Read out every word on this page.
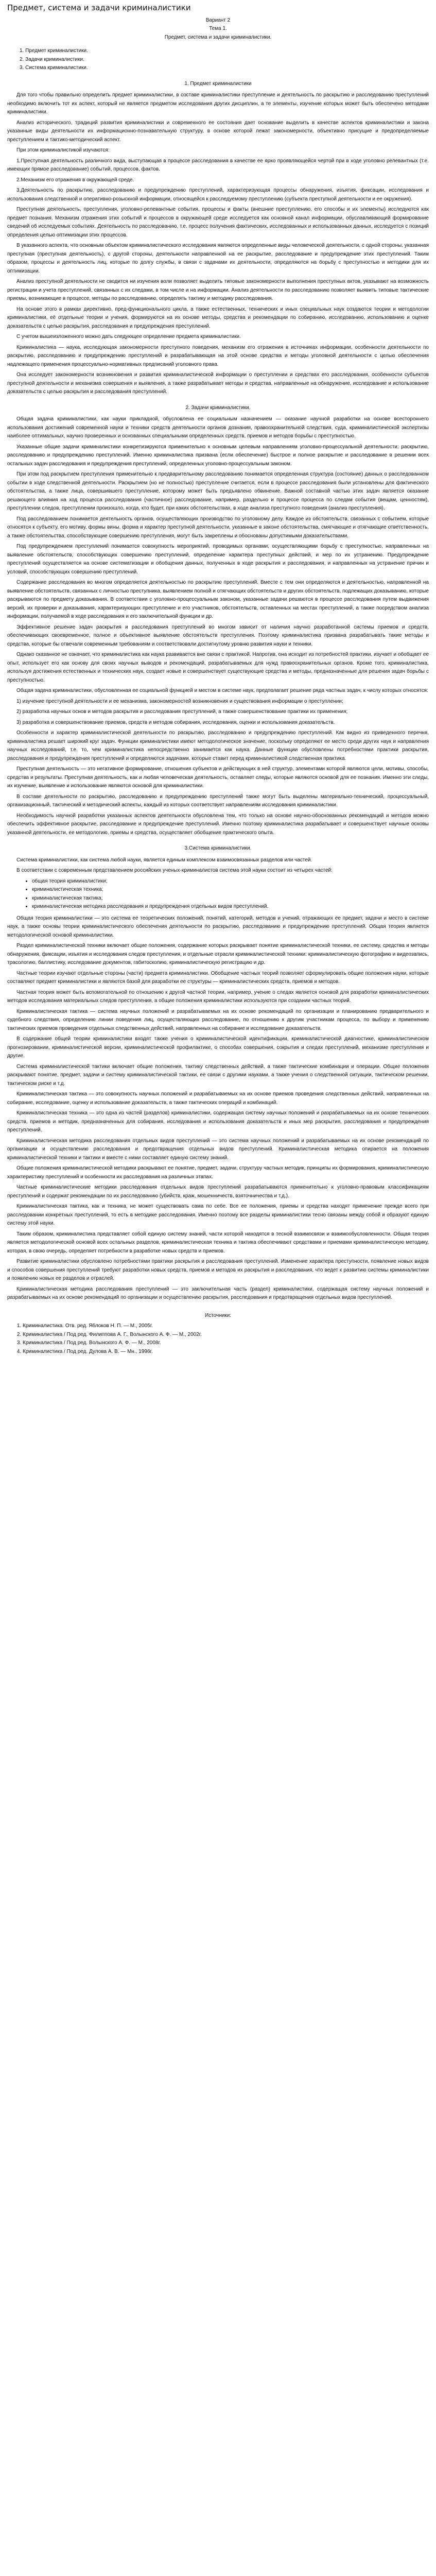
Предмет, система и задачи криминалистики
Вариант 2
Тема 1.
Предмет, система и задачи криминалистики.
1. Предмет криминалистики.
2. Задачи криминалистики.
3. Система криминалистики.
1. Предмет криминалистики

Для того чтобы правильно определить предмет криминалистики, в составе криминалистики преступление и деятельность по раскрытию и расследованию преступлений необходимо включить тот их аспект, который не является предметом исследования других дисциплин, а те элементы, изучение которых может быть обеспечено методами криминалистики.

Анализ исторического, традиций развития криминалистики и современного ее состояния дает основание выделить в качестве аспектов криминалистики и закона указанные виды деятельности их информационно-познавательную структуру, в основе которой лежат закономерности, объективно присущие и предопределяемые преступлением и тактико-методический аспект.

При этом криминалистикой изучаются:

1.Преступная деятельность различного вида, выступающая в процессе расследования в качестве ее ярко проявляющейся чертой при в ходе уголовно релевантных (т.е. имеющих прямое расследование) событий, процессов, фактов.

2.Механизм его отражения в окружающей среде.

3.Деятельность по раскрытию, расследованию и предупреждению преступлений, характеризующая процессы обнаружения, изъятия, фиксации, исследования и использования следственной и оперативно-розыскной информации, относящейся к расследуемому преступлению (субъекта преступной деятельности и ее окружения).

Преступная деятельность, преступления, уголовно-релевантные события, процессы и факты (внешние преступлению, его способы и их элементы) исследуются как предмет познания. Механизм отражения этих событий и процессов в окружающей среде исследуется как основной канал информации, обуславливающий формирование сведений об исследуемых событиях. Деятельность по расследованию, т.е. процесс получения фактических, исследованных и использованных данных, исследуется с позиций определения целью оптимизации этих процессов.

В указанного аспекта, что основным объектом криминалистического исследования являются определенные виды человеческой деятельности, с одной стороны, указанная преступная (преступная деятельность), с другой стороны, деятельности направленной на ее раскрытие, расследование и предупреждение этих преступлений. Таким образом, процессы и деятельность лиц, которые по долгу службы, в связи с задачами их деятельности, определяются на борьбу с преступностью и методики для их оптимизации.

Анализ преступной деятельности не сводится ни изучения воли позволяет выделить типовые закономерности выполнения преступных актов, указывают на возможность регистрации и учета преступлений, связанных с их следами, в том числе и на информации. Анализ деятельности по расследованию позволяет выявить типовые тактические приемы, возникающие в процессе, методы по расследованию, определять тактику и методику расследования.

На основе этого в рамках директивно, пред-функционального цикла, а также естественных, технических и иных специальных наук создаются теории и методологии криминалистики, её отдельные теории и учения, формируются на их основе методы, средства и рекомендации по собиранию, исследованию, использованию и оценке доказательств с целью раскрытия, расследования и предупреждения преступлений.

С учетом вышеизложенного можно дать следующее определение предмета криминалистики.

Криминалистика — наука, исследующая закономерности преступного поведения, механизм его отражения в источниках информации, особенности деятельности по раскрытию, расследованию и предупреждению преступлений и разрабатывающая на этой основе средства и методы уголовной деятельности с целью обеспечения надлежащего применения процессуально-нормативных предписаний уголовного права.

Она исследует закономерности возникновения и развития криминалистической информации о преступлении и средствах его расследования, особенности субъектов преступной деятельности и механизма совершения и выявления, а также разрабатывает методы и средства, направленные на обнаружение, исследование и использование доказательств с целью раскрытия и расследования преступлений.

2. Задачи криминалистики.

Общая задача криминалистики, как науки прикладной, обусловлена ее социальным назначением — оказание научной разработки на основе всестороннего использования достижений современной науки и техники средств деятельности органов дознания, правоохранительной следствия, суда, криминалистической экспертизы наиболее оптимальных, научно проверенных и основанных специальными определенных средств, приемов и методов борьбы с преступностью.

Указанные общие задачи криминалистики конкретизируются применительно к основным целевым направлениям уголовно-процессуальной деятельности: раскрытию, расследованию и предупреждению преступлений. Именно криминалистика призвана (если обеспечение) быстрое и полное раскрытие и расследование в решении всех остальных задач расследования и предупреждения преступлений, определенных уголовно-процессуальным законом.

При этом под раскрытием преступления применительно к предварительному расследованию понимается определенная структура (состояние) данных о расследованном событии в ходе следственной деятельности. Раскрытием (но не полностью) преступление считается, если в процессе расследования были установлены для фактического обстоятельства, а также лица, совершившего преступление, которому может быть предъявлено обвинение. Важной составной частью этих задач является оказание решающего влияния на ход процесса расследования (частичное) расследование, например, раздельно и процессе процесса по следам события (вещам, ценностям), преступлении следов, преступлении произошло, когда, кто будет, при каких обстоятельствах, в ходе анализа преступного поведения (анализ преступления).

Под расследованием понимается деятельность органов, осуществляющих производство по уголовному делу. Каждое из обстоятельств, связанных с событием, которые относятся к субъекту, его мотиву, формы вины, форма и характер преступной деятельности, указанные в законе обстоятельства, смягчающие и отягчающие ответственность, а также обстоятельства, способствующие совершению преступления, могут быть закреплены и обоснованы допустимыми доказательствами.

Под предупреждением преступлений понимается совокупность мероприятий, проводимых органами, осуществляющими борьбу с преступностью, направленных на выявление обстоятельств, способствующих совершению преступлений, определение характера преступных действий, и мер по их устранению. Предупреждение преступлений осуществляется на основе систематизации и обобщения данных, полученных в ходе раскрытия и расследования, и направленных на устранение причин и условий, способствующих совершению преступлений.

Содержание расследования во многом определяется деятельностью по раскрытию преступлений. Вместе с тем они определяются и деятельностью, направленной на выявление обстоятельств, связанных с личностью преступника, выявлением полной и отягчающих обстоятельств и других обстоятельств, подлежащих доказыванию, которые раскрываются по предмету доказывания. В соответствии с уголовно-процессуальным законом, указанные задачи решаются в процессе расследования путем выдвижения версий, их проверки и доказывания, характеризующих преступление и его участников, обстоятельств, оставленных на местах преступлений, а также посредством анализа информации, получаемой в ходе расследования и его заключительной функции и др.

Эффективное решение задач раскрытия и расследования преступлений во многом зависит от наличия научно разработанной системы приемов и средств, обеспечивающих своевременное, полное и объективное выявление обстоятельств преступления. Поэтому криминалистика призвана разрабатывать такие методы и средства, которые бы отвечали современным требованиям и соответствовали достигнутому уровню развития науки и техники.

Однако сказанное не означает, что криминалистика как наука развивается вне связи с практикой. Напротив, она исходит из потребностей практики, изучает и обобщает ее опыт, использует его как основу для своих научных выводов и рекомендаций, разрабатываемых для нужд правоохранительных органов. Кроме того, криминалистика, используя достижения естественных и технических наук, создает новые и совершенствует существующие средства и методы, предназначенные для решения задач борьбы с преступностью.

Общая задача криминалистики, обусловленная ее социальной функцией и местом в системе наук, предполагает решение ряда частных задач, к числу которых относятся:

1) изучение преступной деятельности и ее механизма, закономерностей возникновения и существования информации о преступлении;

2) разработка научных основ и методов раскрытия и расследования преступлений, а также совершенствование практики их применения;

3) разработка и совершенствование приемов, средств и методов собирания, исследования, оценки и использования доказательств.

Особенности и характер криминалистической деятельности по раскрытию, расследованию и предупреждению преступлений. Как видно из приведенного перечня, криминалистика решает широкий круг задач. Функции криминалистики имеют методологическое значение, поскольку определяют ее место среди других наук и направления научных исследований, т.е. то, чем криминалистика непосредственно занимается как наука. Данные функции обусловлены потребностями практики раскрытия, расследования и предупреждения преступлений и определяются задачами, которые ставит перед криминалистикой следственная практика.

Преступная деятельность — это негативное формирование, отношения субъектов и действующих в ней структур, элементами которой являются цели, мотивы, способы, средства и результаты. Преступная деятельность, как и любая человеческая деятельность, оставляет следы, которые являются основой для ее познания. Именно эти следы, их изучение, выявление и использование являются основой для криминалистики.

В составе деятельности по раскрытию, расследованию и предупреждению преступлений также могут быть выделены материально-технический, процессуальный, организационный, тактический и методический аспекты, каждый из которых соответствует направлениям исследования криминалистики.

Необходимость научной разработки указанных аспектов деятельности обусловлена тем, что только на основе научно-обоснованных рекомендаций и методов можно обеспечить эффективное раскрытие, расследование и предупреждение преступлений. Именно поэтому криминалистика разрабатывает и совершенствует научные основы указанной деятельности, ее методологию, приемы и средства, осуществляет обобщение практического опыта.

3.Система криминалистики.

Система криминалистики, как система любой науки, является единым комплексом взаимосвязанных разделов или частей.

В соответствии с современным представлением российских ученых-криминалистов система этой науки состоит из четырех частей:

• общая теория криминалистики;
• криминалистическая техника;
• криминалистическая тактика;
• криминалистическая методика расследования и предупреждения отдельных видов преступлений.

Общая теория криминалистики — это система ее теоретических положений, понятий, категорий, методов и учений, отражающих ее предмет, задачи и место в системе наук, а также основы теории криминалистического обеспечения деятельности по раскрытию, расследованию и предупреждению преступлений. Общая теория является методологической основой криминалистики.

Раздел криминалистической техники включает общие положения, содержание которых раскрывает понятие криминалистической техники, ее систему, средства и методы обнаружения, фиксации, изъятия и исследования следов преступления, и отдельные отрасли криминалистической техники: криминалистическую фотографию и видеозапись, трасологию, баллистику, исследование документов, габитоскопию, криминалистическую регистрацию и др.

Частные теории изучают отдельные стороны (части) предмета криминалистики. Обобщение частных теорий позволяет сформулировать общие положения науки, которые составляют предмет криминалистики и являются базой для разработки ее структуры — криминалистических средств, приемов и методов.

Частная теория может быть вспомогательной по отношению к другой частной теории, например, учение о следах является основой для разработки криминалистических методов исследования материальных следов преступления, а общие положения криминалистики используются при создании частных теорий.

Криминалистическая тактика — система научных положений и разрабатываемых на их основе рекомендаций по организации и планированию предварительного и судебного следствия, определению линии поведения лиц, осуществляющих расследование, по отношению к другим участникам процесса, по выбору и применению тактических приемов проведения отдельных следственных действий, направленных на собирание и исследование доказательств.

В содержание общей теории криминалистики входят также учения о криминалистической идентификации, криминалистической диагностике, криминалистическом прогнозировании, криминалистической версии, криминалистической профилактике, о способах совершения, сокрытия и следах преступлений, механизме преступления и другие.

Система криминалистической тактики включает общие положения, тактику следственных действий, а также тактические комбинации и операции. Общие положения раскрывают понятие, предмет, задачи и систему криминалистической тактики, ее связи с другими науками, а также учения о следственной ситуации, тактическом решении, тактическом риске и т.д.

Криминалистическая тактика — это совокупность научных положений и разрабатываемых на их основе приемов проведения следственных действий, направленных на собирание, исследование, оценку и использование доказательств, а также тактических операций и комбинаций.

Криминалистическая техника — это одна из частей (разделов) криминалистики, содержащая систему научных положений и разрабатываемых на их основе технических средств, приемов и методик, предназначенных для собирания, исследования и использования доказательств и иных мер раскрытия, расследования и предупреждения преступлений.

Криминалистическая методика расследования отдельных видов преступлений — это система научных положений и разрабатываемых на их основе рекомендаций по организации и осуществлению расследования и предотвращения отдельных видов преступлений. Криминалистическая методика опирается на положения криминалистической техники и тактики и вместе с ними составляет единую систему знаний.

Общие положения криминалистической методики раскрывают ее понятие, предмет, задачи, структуру частных методик, принципы их формирования, криминалистическую характеристику преступлений и особенности их расследования на различных этапах.

Частные криминалистические методики расследования отдельных видов преступлений разрабатываются применительно к уголовно-правовым классификациям преступлений и содержат рекомендации по их расследованию (убийств, краж, мошенничеств, взяточничества и т.д.).

Криминалистическая тактика, как и техника, не может существовать сама по себе. Все ее положения, приемы и средства находят применение прежде всего при расследовании конкретных преступлений, то есть в методике расследования. Именно поэтому все разделы криминалистики тесно связаны между собой и образуют единую систему этой науки.

Таким образом, криминалистика представляет собой единую систему знаний, части которой находятся в тесной взаимосвязи и взаимообусловленности. Общая теория является методологической основой всех остальных разделов, криминалистическая техника и тактика обеспечивают средствами и приемами криминалистическую методику, которая, в свою очередь, определяет потребности в разработке новых средств и приемов.

Развитие криминалистики обусловлено потребностями практики раскрытия и расследования преступлений. Изменение характера преступности, появление новых видов и способов совершения преступлений требуют разработки новых средств, приемов и методов их раскрытия и расследования, что ведет к развитию системы криминалистики и появлению новых ее разделов и отраслей.

Криминалистическая методика расследования преступлений — это заключительная часть (раздел) криминалистики, содержащая систему научных положений и разрабатываемых на их основе рекомендаций по организации и осуществлению раскрытия, расследования и предотвращения отдельных видов преступлений.

Источники:
1. Криминалистика. Отв. ред. Яблоков Н. П. — М., 2005г.
2. Криминалистика / Под ред. Филиппова А. Г., Волынского А. Ф. — М., 2002г.
3. Криминалистика / Под ред. Волынского А. Ф. — М., 2008г.
4. Криминалистика / Под ред. Дулова А. В. — Мн., 1996г.
